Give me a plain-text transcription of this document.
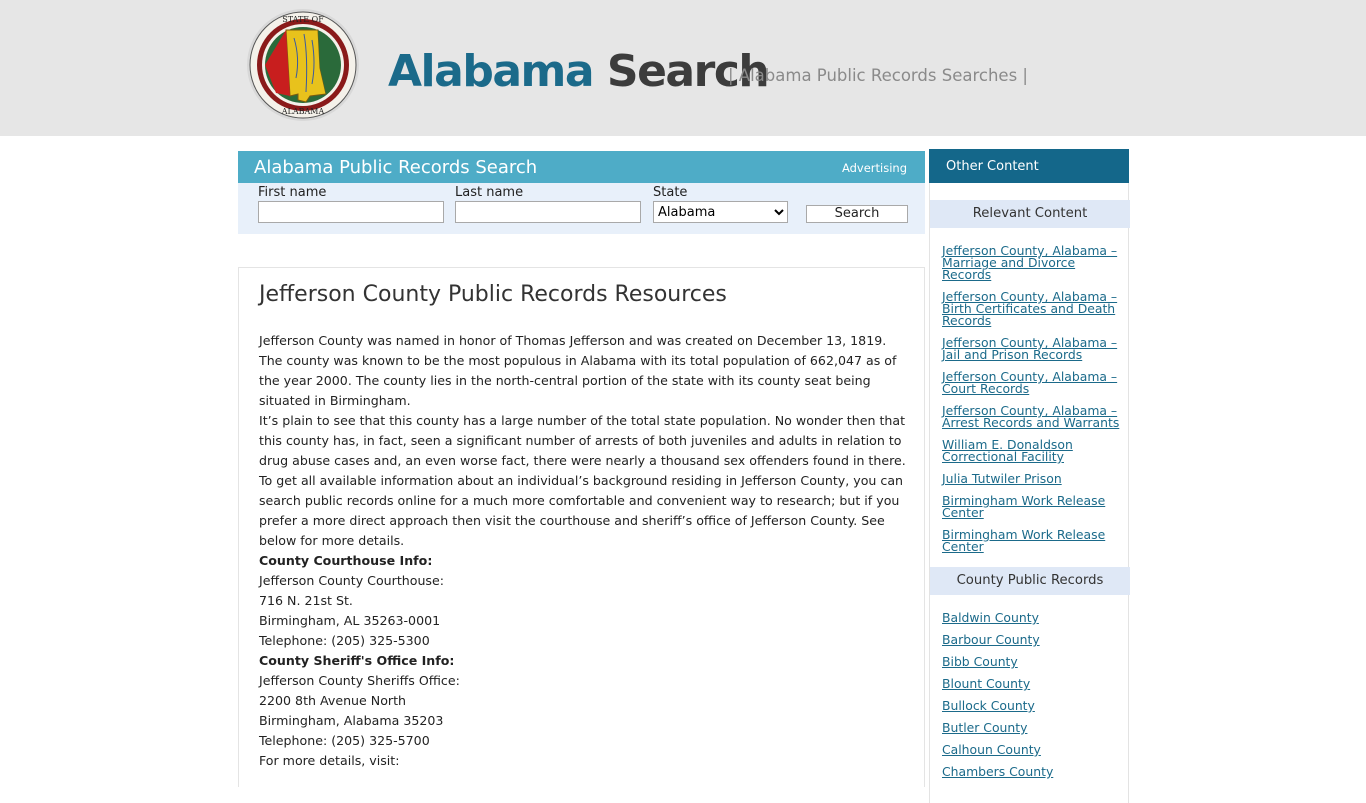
STATE OF
ALABAMA
Alabama Search
| Alabama Public Records Searches |
Alabama Public Records Search	Advertising
First name	Last name	State
Alabama
Search
Jefferson County Public Records Resources

Jefferson County was named in honor of Thomas Jefferson and was created on December 13, 1819. The county was known to be the most populous in Alabama with its total population of 662,047 as of the year 2000. The county lies in the north-central portion of the state with its county seat being situated in Birmingham.

It’s plain to see that this county has a large number of the total state population. No wonder then that this county has, in fact, seen a significant number of arrests of both juveniles and adults in relation to drug abuse cases and, an even worse fact, there were nearly a thousand sex offenders found in there.

To get all available information about an individual’s background residing in Jefferson County, you can search public records online for a much more comfortable and convenient way to research; but if you prefer a more direct approach then visit the courthouse and sheriff’s office of Jefferson County. See below for more details.

County Courthouse Info:

Jefferson County Courthouse:

716 N. 21st St.

Birmingham, AL 35263-0001

Telephone: (205) 325-5300

County Sheriff's Office Info:

Jefferson County Sheriffs Office:

2200 8th Avenue North

Birmingham, Alabama 35203

Telephone: (205) 325-5700

For more details, visit:

Other Content
Relevant Content
Jefferson County, Alabama – Marriage and Divorce Records
Jefferson County, Alabama – Birth Certificates and Death Records
Jefferson County, Alabama – Jail and Prison Records
Jefferson County, Alabama – Court Records
Jefferson County, Alabama – Arrest Records and Warrants
William E. Donaldson Correctional Facility
Julia Tutwiler Prison
Birmingham Work Release Center
Birmingham Work Release Center
County Public Records
Baldwin County
Barbour County
Bibb County
Blount County
Bullock County
Butler County
Calhoun County
Chambers County
